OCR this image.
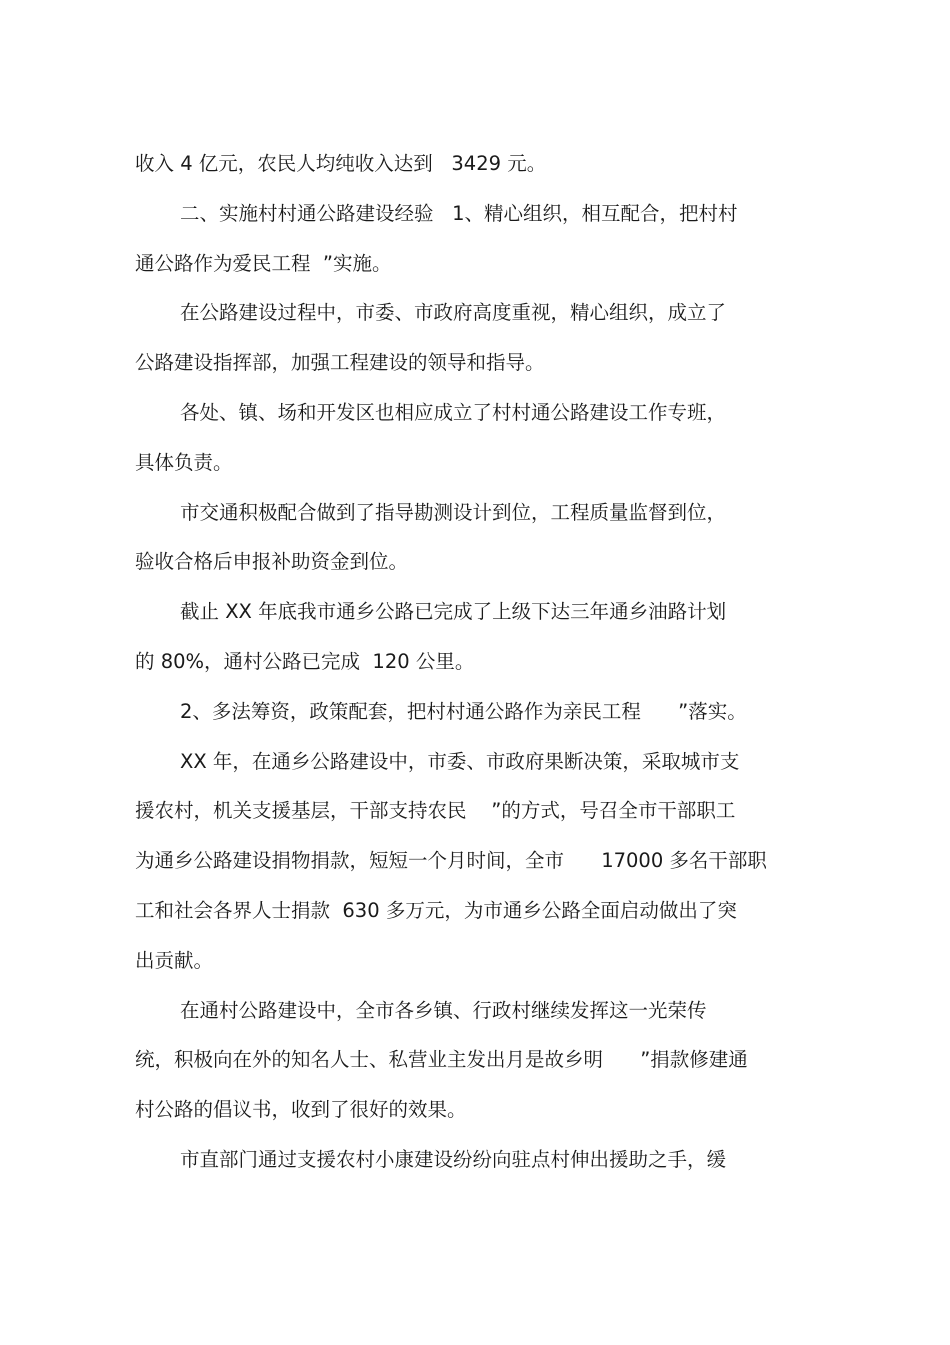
收入 4 亿元，农民人均纯收入达到   3429 元。
二、实施村村通公路建设经验   1、精心组织，相互配合，把村村
通公路作为爱民工程  ”实施。
在公路建设过程中，市委、市政府高度重视，精心组织，成立了
公路建设指挥部，加强工程建设的领导和指导。
各处、镇、场和开发区也相应成立了村村通公路建设工作专班，
具体负责。
市交通积极配合做到了指导勘测设计到位，工程质量监督到位，
验收合格后申报补助资金到位。
截止 XX 年底我市通乡公路已完成了上级下达三年通乡油路计划
的 80%，通村公路已完成  120 公里。
2、多法筹资，政策配套，把村村通公路作为亲民工程      ”落实。
XX 年，在通乡公路建设中，市委、市政府果断决策，采取城市支
援农村，机关支援基层，干部支持农民    ”的方式，号召全市干部职工
为通乡公路建设捐物捐款，短短一个月时间，全市      17000 多名干部职
工和社会各界人士捐款  630 多万元，为市通乡公路全面启动做出了突
出贡献。
在通村公路建设中，全市各乡镇、行政村继续发挥这一光荣传
统，积极向在外的知名人士、私营业主发出月是故乡明      ”捐款修建通
村公路的倡议书，收到了很好的效果。
市直部门通过支援农村小康建设纷纷向驻点村伸出援助之手，缓
